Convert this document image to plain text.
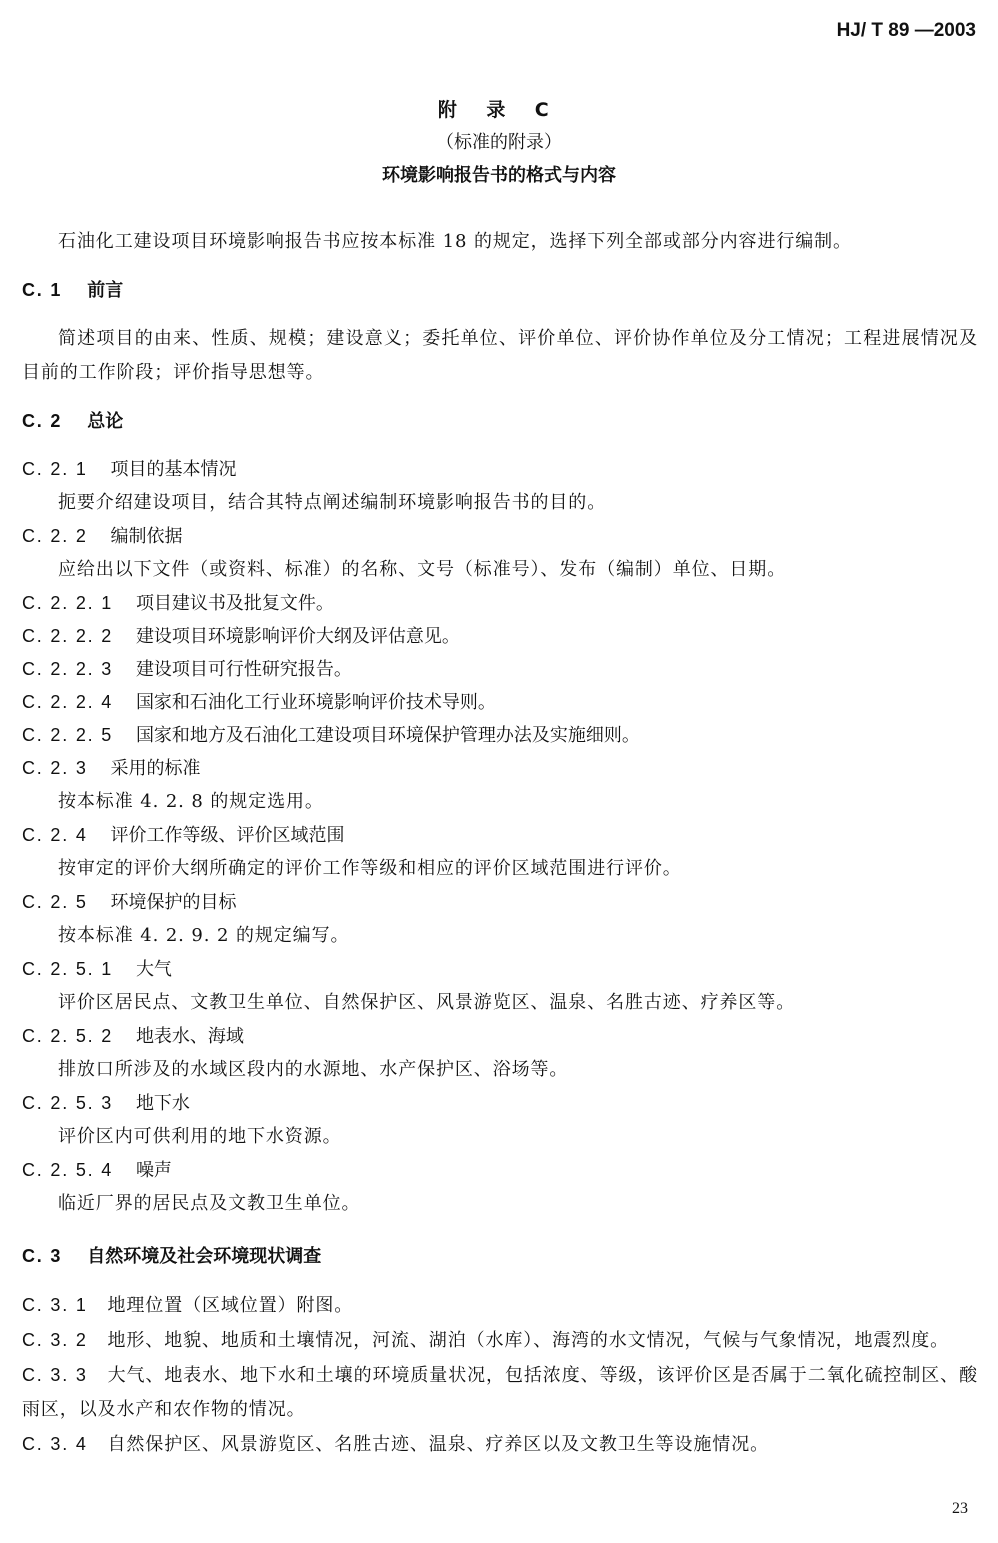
HJ/ T 89 —2003
附 录 C
（标准的附录）
环境影响报告书的格式与内容

石油化工建设项目环境影响报告书应按本标准 18 的规定，选择下列全部或部分内容进行编制。

C. 1 前言

简述项目的由来、性质、规模；建设意义；委托单位、评价单位、评价协作单位及分工情况；工程进展情况及目前的工作阶段；评价指导思想等。

C. 2 总论
C. 2. 1 项目的基本情况

扼要介绍建设项目，结合其特点阐述编制环境影响报告书的目的。

C. 2. 2 编制依据

应给出以下文件（或资料、标准）的名称、文号（标准号）、发布（编制）单位、日期。

C. 2. 2. 1 项目建议书及批复文件。
C. 2. 2. 2 建设项目环境影响评价大纲及评估意见。
C. 2. 2. 3 建设项目可行性研究报告。
C. 2. 2. 4 国家和石油化工行业环境影响评价技术导则。
C. 2. 2. 5 国家和地方及石油化工建设项目环境保护管理办法及实施细则。
C. 2. 3 采用的标准

按本标准 4. 2. 8 的规定选用。

C. 2. 4 评价工作等级、评价区域范围

按审定的评价大纲所确定的评价工作等级和相应的评价区域范围进行评价。

C. 2. 5 环境保护的目标

按本标准 4. 2. 9. 2 的规定编写。

C. 2. 5. 1 大气

评价区居民点、文教卫生单位、自然保护区、风景游览区、温泉、名胜古迹、疗养区等。

C. 2. 5. 2 地表水、海域

排放口所涉及的水域区段内的水源地、水产保护区、浴场等。

C. 2. 5. 3 地下水

评价区内可供利用的地下水资源。

C. 2. 5. 4 噪声

临近厂界的居民点及文教卫生单位。

C. 3 自然环境及社会环境现状调查

C. 3. 1 地理位置（区域位置）附图。

C. 3. 2 地形、地貌、地质和土壤情况，河流、湖泊（水库）、海湾的水文情况，气候与气象情况，地震烈度。

C. 3. 3 大气、地表水、地下水和土壤的环境质量状况，包括浓度、等级，该评价区是否属于二氧化硫控制区、酸雨区，以及水产和农作物的情况。

C. 3. 4 自然保护区、风景游览区、名胜古迹、温泉、疗养区以及文教卫生等设施情况。

23
